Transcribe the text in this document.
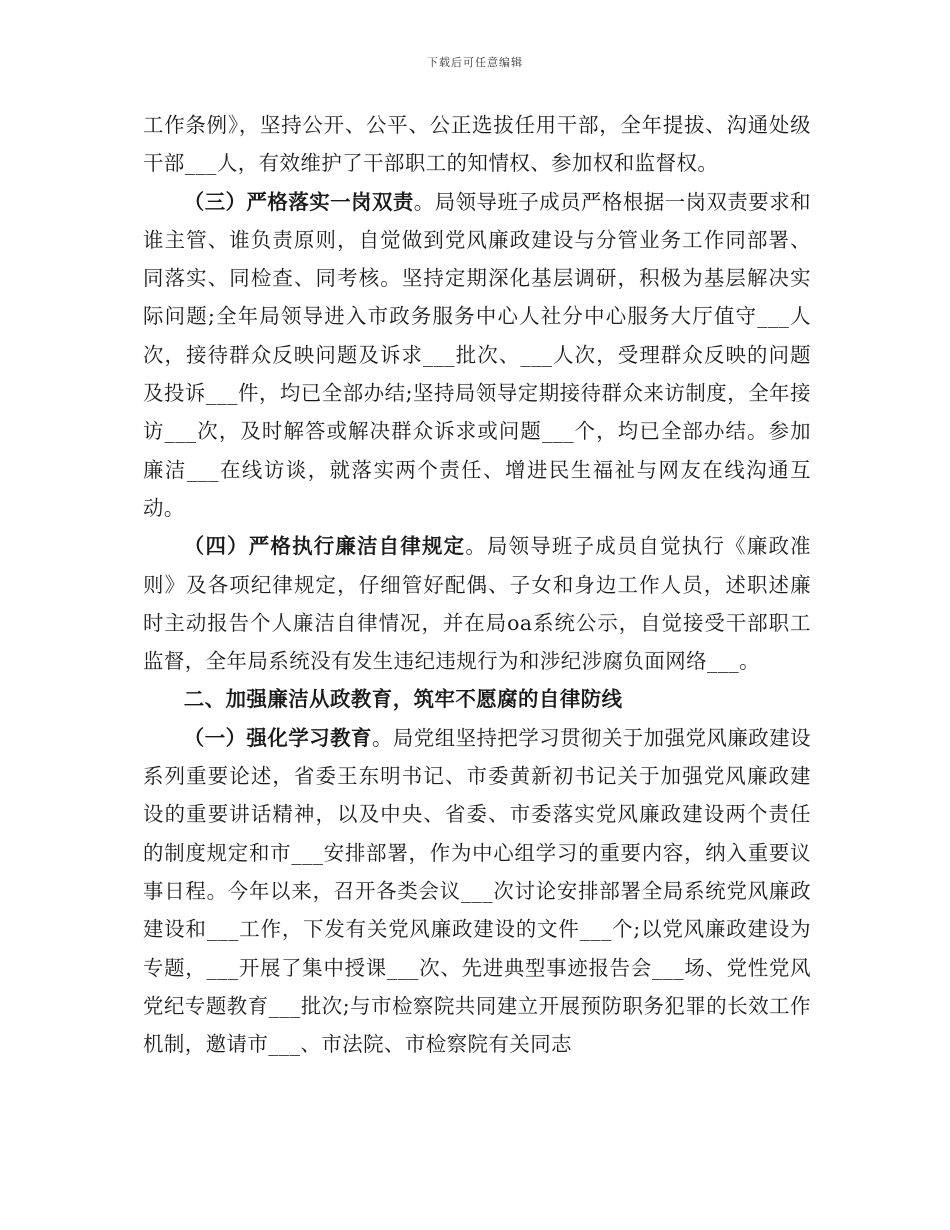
下载后可任意编辑

工作条例》，坚持公开、公平、公正选拔任用干部，全年提拔、沟通处级干部___人，有效维护了干部职工的知情权、参加权和监督权。

（三）严格落实一岗双责。局领导班子成员严格根据一岗双责要求和谁主管、谁负责原则，自觉做到党风廉政建设与分管业务工作同部署、同落实、同检查、同考核。坚持定期深化基层调研，积极为基层解决实际问题;全年局领导进入市政务服务中心人社分中心服务大厅值守___人次，接待群众反映问题及诉求___批次、___人次，受理群众反映的问题及投诉___件，均已全部办结;坚持局领导定期接待群众来访制度，全年接访___次，及时解答或解决群众诉求或问题___个，均已全部办结。参加廉洁___在线访谈，就落实两个责任、增进民生福祉与网友在线沟通互动。

（四）严格执行廉洁自律规定。局领导班子成员自觉执行《廉政准则》及各项纪律规定，仔细管好配偶、子女和身边工作人员，述职述廉时主动报告个人廉洁自律情况，并在局oa系统公示，自觉接受干部职工监督，全年局系统没有发生违纪违规行为和涉纪涉腐负面网络___。

二、加强廉洁从政教育，筑牢不愿腐的自律防线

（一）强化学习教育。局党组坚持把学习贯彻关于加强党风廉政建设系列重要论述，省委王东明书记、市委黄新初书记关于加强党风廉政建设的重要讲话精神，以及中央、省委、市委落实党风廉政建设两个责任的制度规定和市___安排部署，作为中心组学习的重要内容，纳入重要议事日程。今年以来，召开各类会议___次讨论安排部署全局系统党风廉政建设和___工作，下发有关党风廉政建设的文件___个;以党风廉政建设为专题，___开展了集中授课___次、先进典型事迹报告会___场、党性党风党纪专题教育___批次;与市检察院共同建立开展预防职务犯罪的长效工作机制，邀请市___、市法院、市检察院有关同志
